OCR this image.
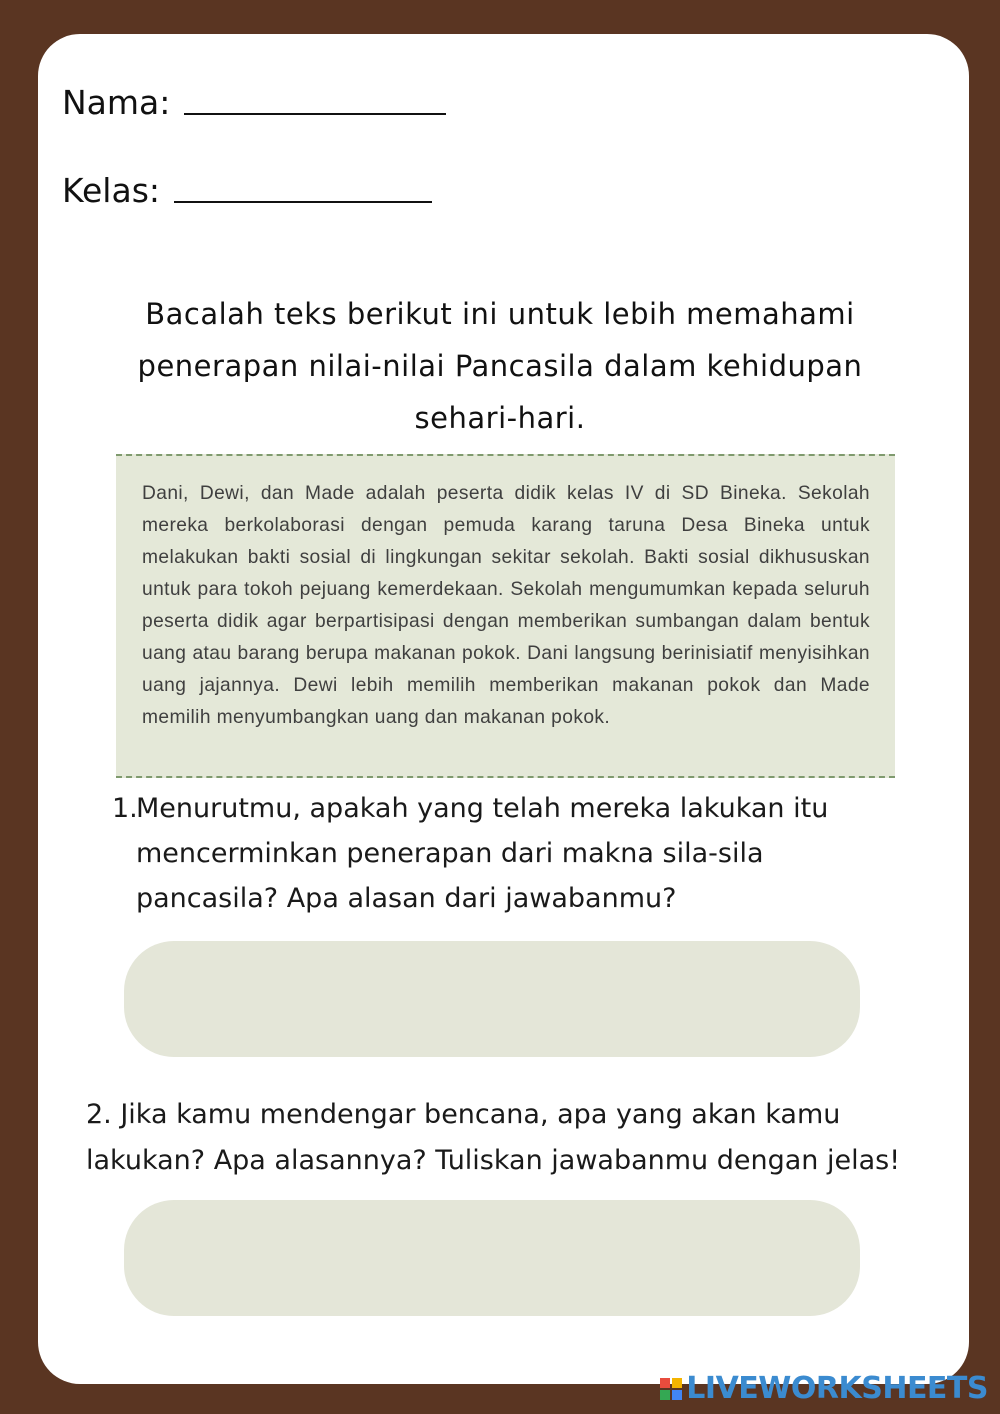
Nama:
Kelas:
Bacalah teks berikut ini untuk lebih memahami penerapan nilai-nilai Pancasila dalam kehidupan sehari-hari.
Dani, Dewi, dan Made adalah peserta didik kelas IV di SD Bineka. Sekolah mereka berkolaborasi dengan pemuda karang taruna Desa Bineka untuk melakukan bakti sosial di lingkungan sekitar sekolah. Bakti sosial dikhususkan untuk para tokoh pejuang kemerdekaan. Sekolah mengumumkan kepada seluruh peserta didik agar berpartisipasi dengan memberikan sumbangan dalam bentuk uang atau barang berupa makanan pokok. Dani langsung berinisiatif menyisihkan uang jajannya. Dewi lebih memilih memberikan makanan pokok dan Made memilih menyumbangkan uang dan makanan pokok.
1.
Menurutmu, apakah yang telah mereka lakukan itu mencerminkan penerapan dari makna sila-sila pancasila? Apa alasan dari jawabanmu?
2. Jika kamu mendengar bencana, apa yang akan kamu lakukan? Apa alasannya? Tuliskan jawabanmu dengan jelas!
LIVEWORKSHEETS
